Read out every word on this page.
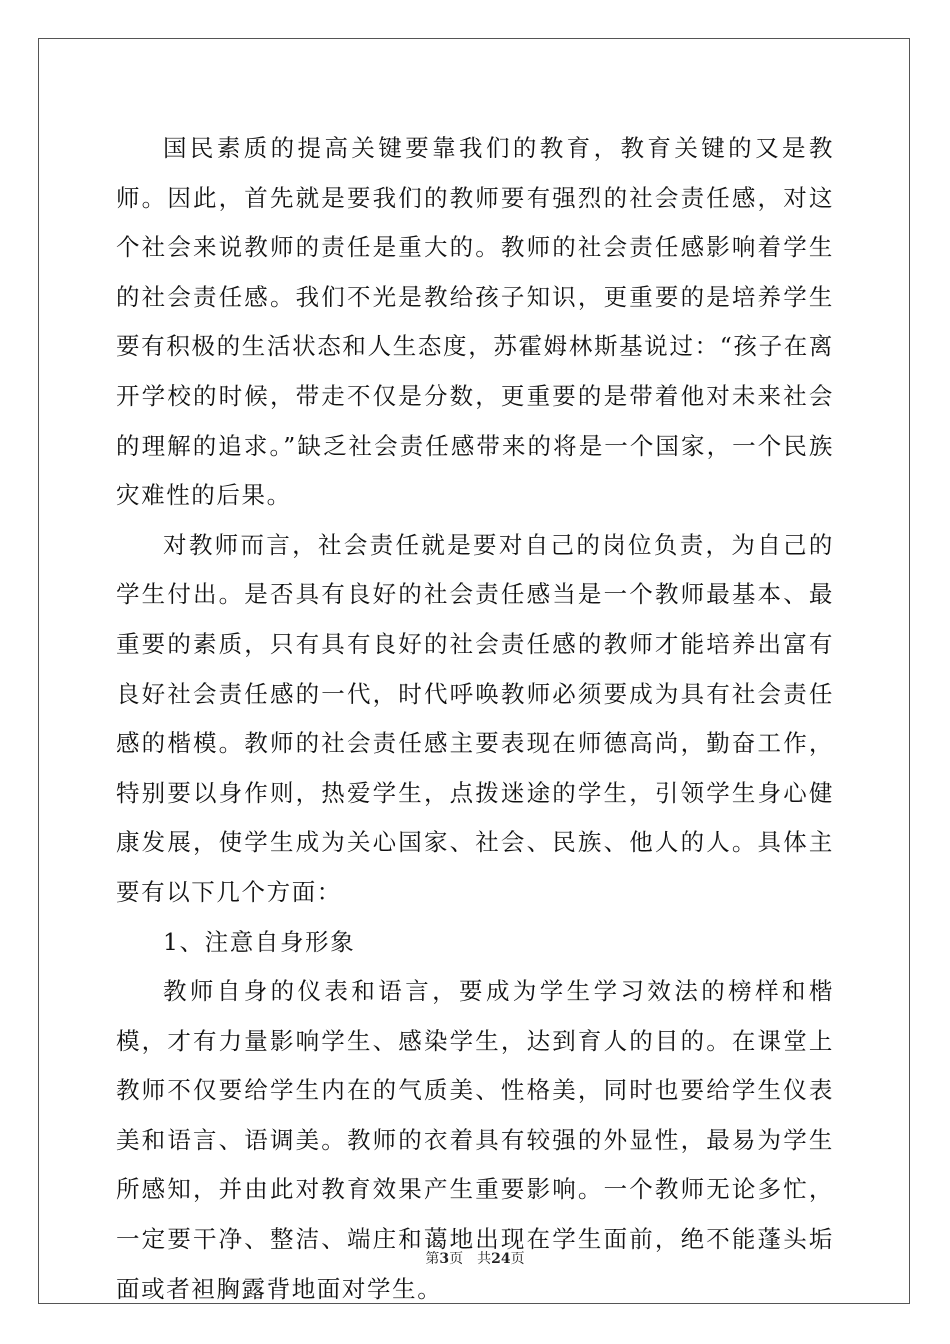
国民素质的提高关键要靠我们的教育，教育关键的又是教师。因此，首先就是要我们的教师要有强烈的社会责任感，对这个社会来说教师的责任是重大的。教师的社会责任感影响着学生的社会责任感。我们不光是教给孩子知识，更重要的是培养学生要有积极的生活状态和人生态度，苏霍姆林斯基说过：“孩子在离开学校的时候，带走不仅是分数，更重要的是带着他对未来社会的理解的追求。”缺乏社会责任感带来的将是一个国家，一个民族灾难性的后果。

对教师而言，社会责任就是要对自己的岗位负责，为自己的学生付出。是否具有良好的社会责任感当是一个教师最基本、最重要的素质，只有具有良好的社会责任感的教师才能培养出富有良好社会责任感的一代，时代呼唤教师必须要成为具有社会责任感的楷模。教师的社会责任感主要表现在师德高尚，勤奋工作，特别要以身作则，热爱学生，点拨迷途的学生，引领学生身心健康发展，使学生成为关心国家、社会、民族、他人的人。具体主要有以下几个方面：

1、注意自身形象

教师自身的仪表和语言，要成为学生学习效法的榜样和楷模，才有力量影响学生、感染学生，达到育人的目的。在课堂上教师不仅要给学生内在的气质美、性格美，同时也要给学生仪表美和语言、语调美。教师的衣着具有较强的外显性，最易为学生所感知，并由此对教育效果产生重要影响。一个教师无论多忙，一定要干净、整洁、端庄和蔼地出现在学生面前，绝不能蓬头垢面或者袒胸露背地面对学生。

第3页 共24页
